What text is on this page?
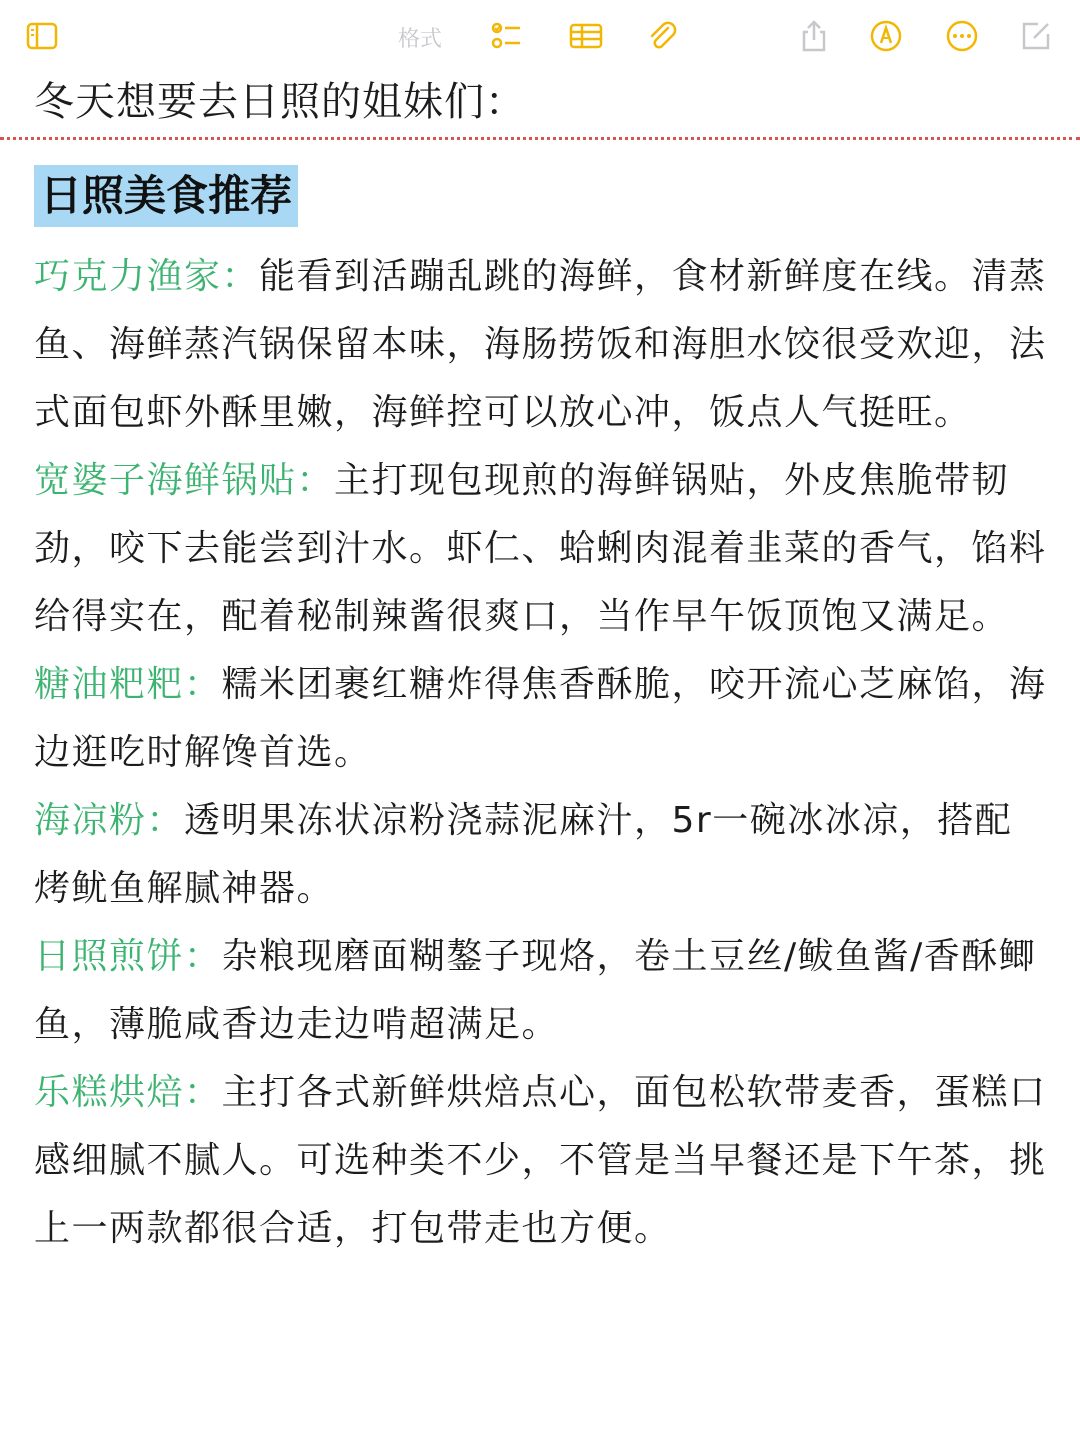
格式
冬天想要去日照的姐妹们：
日照美食推荐

巧克力渔家：能看到活蹦乱跳的海鲜，食材新鲜度在线。清蒸鱼、海鲜蒸汽锅保留本味，海肠捞饭和海胆水饺很受欢迎，法式面包虾外酥里嫩，海鲜控可以放心冲，饭点人气挺旺。

宽婆子海鲜锅贴：主打现包现煎的海鲜锅贴，外皮焦脆带韧劲，咬下去能尝到汁水。虾仁、蛤蜊肉混着韭菜的香气，馅料给得实在，配着秘制辣酱很爽口，当作早午饭顶饱又满足。

糖油粑粑：糯米团裹红糖炸得焦香酥脆，咬开流心芝麻馅，海边逛吃时解馋首选。

海凉粉：透明果冻状凉粉浇蒜泥麻汁，5r一碗冰冰凉，搭配烤鱿鱼解腻神器。

日照煎饼：杂粮现磨面糊鏊子现烙，卷土豆丝/鲅鱼酱/香酥鲫鱼，薄脆咸香边走边啃超满足。

乐糕烘焙：主打各式新鲜烘焙点心，面包松软带麦香，蛋糕口感细腻不腻人。可选种类不少，不管是当早餐还是下午茶，挑上一两款都很合适，打包带走也方便。
